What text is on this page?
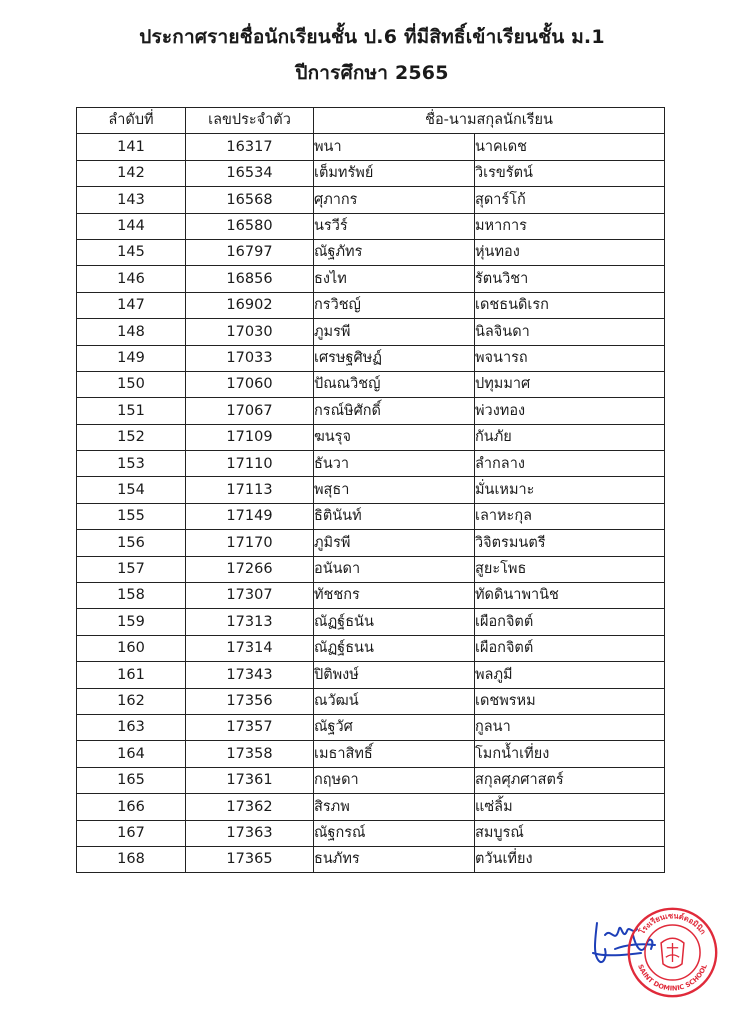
ประกาศรายชื่อนักเรียนชั้น ป.6 ที่มีสิทธิ์เข้าเรียนชั้น ม.1
ปีการศึกษา 2565
ลำดับที่	เลขประจำตัว	ชื่อ-นามสกุลนักเรียน	
141	16317	พนา	นาคเดช
142	16534	เต็มทรัพย์	วิเรขรัตน์
143	16568	ศุภากร	สุดาร์โก้
144	16580	นรวีร์	มหาการ
145	16797	ณัฐภัทร	หุ่นทอง
146	16856	ธงไท	รัตนวิชา
147	16902	กรวิชญ์	เดชธนดิเรก
148	17030	ภูมรพี	นิลจินดา
149	17033	เศรษฐศิษฏ์	พจนารถ
150	17060	ปัณณวิชญ์	ปทุมมาศ
151	17067	กรณ์ษิศักดิ์	พ่วงทอง
152	17109	ฆนรุจ	กันภัย
153	17110	ธันวา	ลำกลาง
154	17113	พสุธา	มั่นเหมาะ
155	17149	ธิตินันท์	เลาหะกุล
156	17170	ภูมิรพี	วิจิตรมนตรี
157	17266	อนันดา	สูยะโพธ
158	17307	ทัชชกร	ทัดดินาพานิช
159	17313	ณัฏฐ์ธนัน	เผือกจิตต์
160	17314	ณัฏฐ์ธนน	เผือกจิตต์
161	17343	ปิติพงษ์	พลภูมี
162	17356	ณวัฒน์	เดชพรหม
163	17357	ณัฐวัศ	กูลนา
164	17358	เมธาสิทธิ์	โมกน้ำเที่ยง
165	17361	กฤษดา	สกุลศุภศาสตร์
166	17362	สิรภพ	แซ่ลิ้ม
167	17363	ณัฐกรณ์	สมบูรณ์
168	17365	ธนภัทร	ตวันเที่ยง
โรงเรียนเซนต์ดอมินิก
SAINT DOMINIC SCHOOL
